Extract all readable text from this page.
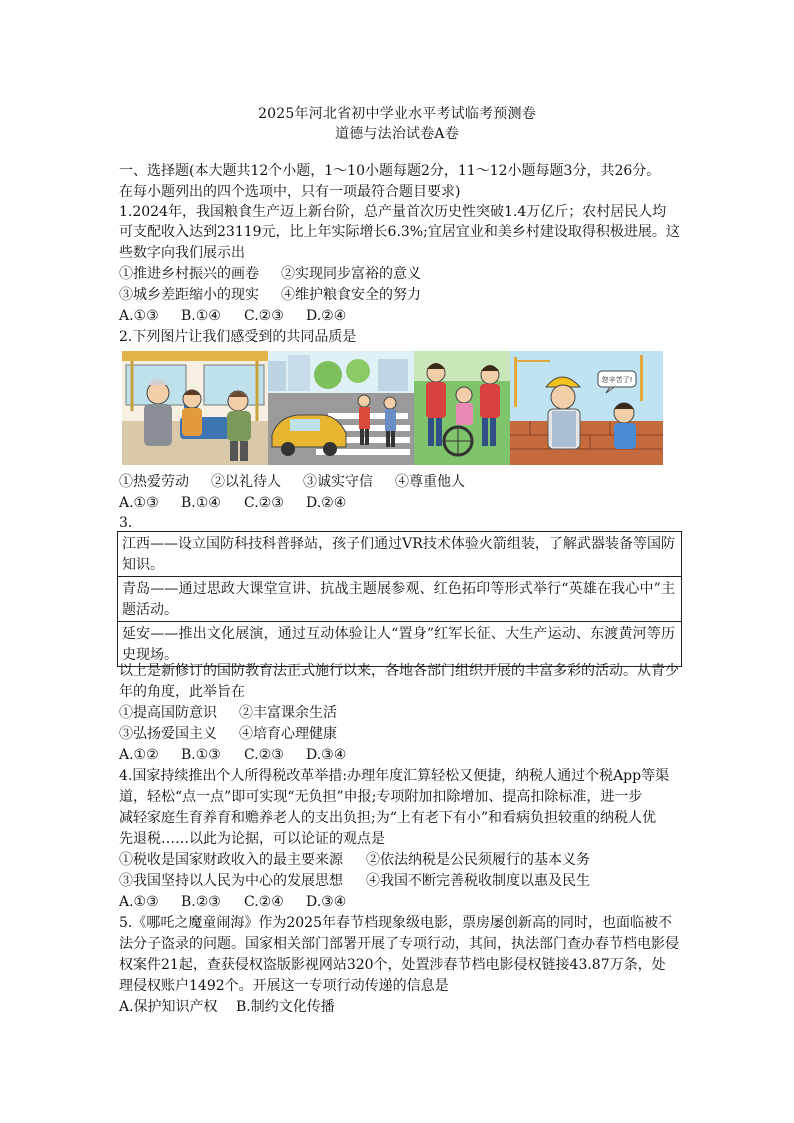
2025年河北省初中学业水平考试临考预测卷
道德与法治试卷A卷
一、选择题(本大题共12个小题，1～10小题每题2分，11～12小题每题3分，共26分。
在每小题列出的四个选项中，只有一项最符合题目要求)
1.2024年，我国粮食生产迈上新台阶，总产量首次历史性突破1.4万亿斤；农村居民人均
可支配收入达到23119元，比上年实际增长6.3%;宜居宜业和美乡村建设取得积极进展。这
些数字向我们展示出
①推进乡村振兴的画卷 ②实现同步富裕的意义
③城乡差距缩小的现实 ④维护粮食安全的努力
A.①③ B.①④ C.②③ D.②④
2.下列图片让我们感受到的共同品质是
您辛苦了!
①热爱劳动 ②以礼待人 ③诚实守信 ④尊重他人
A.①③ B.①④ C.②③ D.②④
3.
江西——设立国防科技科普驿站，孩子们通过VR技术体验火箭组装，了解武器装备等国防知识。
青岛——通过思政大课堂宣讲、抗战主题展参观、红色拓印等形式举行“英雄在我心中”主题活动。
延安——推出文化展演，通过互动体验让人“置身”红军长征、大生产运动、东渡黄河等历史现场。
以上是新修订的国防教育法正式施行以来，各地各部门组织开展的丰富多彩的活动。从青少
年的角度，此举旨在
①提高国防意识 ②丰富课余生活
③弘扬爱国主义 ④培育心理健康
A.①② B.①③ C.②③ D.③④
4.国家持续推出个人所得税改革举措:办理年度汇算轻松又便捷，纳税人通过个税App等渠
道，轻松“点一点”即可实现“无负担”申报;专项附加扣除增加、提高扣除标准，进一步
减轻家庭生育养育和赡养老人的支出负担;为“上有老下有小”和看病负担较重的纳税人优
先退税……以此为论据，可以论证的观点是
①税收是国家财政收入的最主要来源 ②依法纳税是公民须履行的基本义务
③我国坚持以人民为中心的发展思想 ④我国不断完善税收制度以惠及民生
A.①③ B.②③ C.②④ D.③④
5.《哪吒之魔童闹海》作为2025年春节档现象级电影，票房屡创新高的同时，也面临被不
法分子盗录的问题。国家相关部门部署开展了专项行动，其间，执法部门查办春节档电影侵
权案件21起，查获侵权盗版影视网站320个，处置涉春节档电影侵权链接43.87万条，处
理侵权账户1492个。开展这一专项行动传递的信息是
A.保护知识产权 B.制约文化传播
